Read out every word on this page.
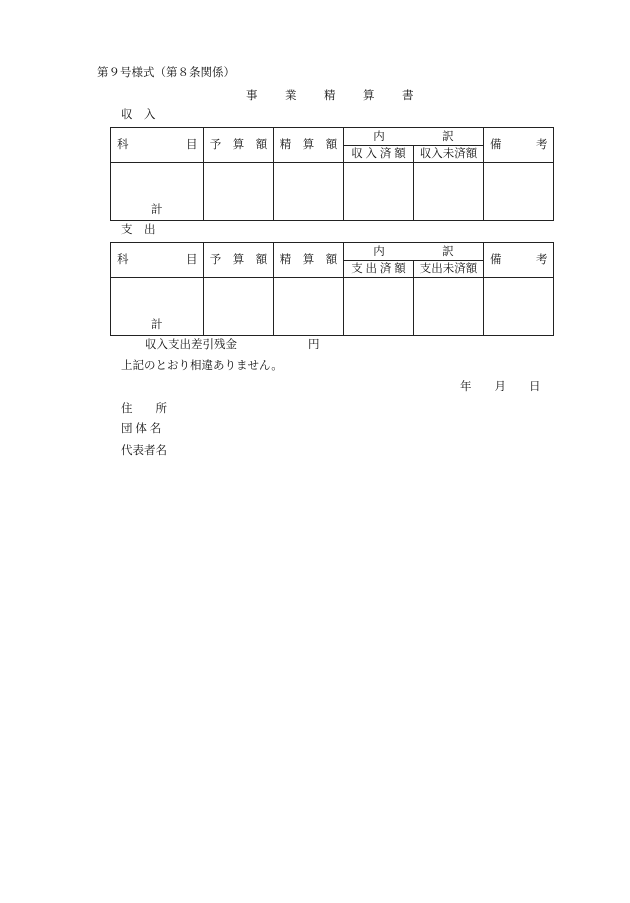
第９号様式（第８条関係）
事　　業　　精　　算　　書
収　入
科　　　　　目	予　算　額	精　算　額	内　　　　　訳		備　　　考
			収 入 済 額	収入未済額	

計					

支　出
科　　　　　目	予　算　額	精　算　額	内　　　　　訳		備　　　考
			支 出 済 額	支出未済額	

計					

収入支出差引残金	円
上記のとおり相違ありません。
年　　月　　日
住　　所
団 体 名
代表者名
